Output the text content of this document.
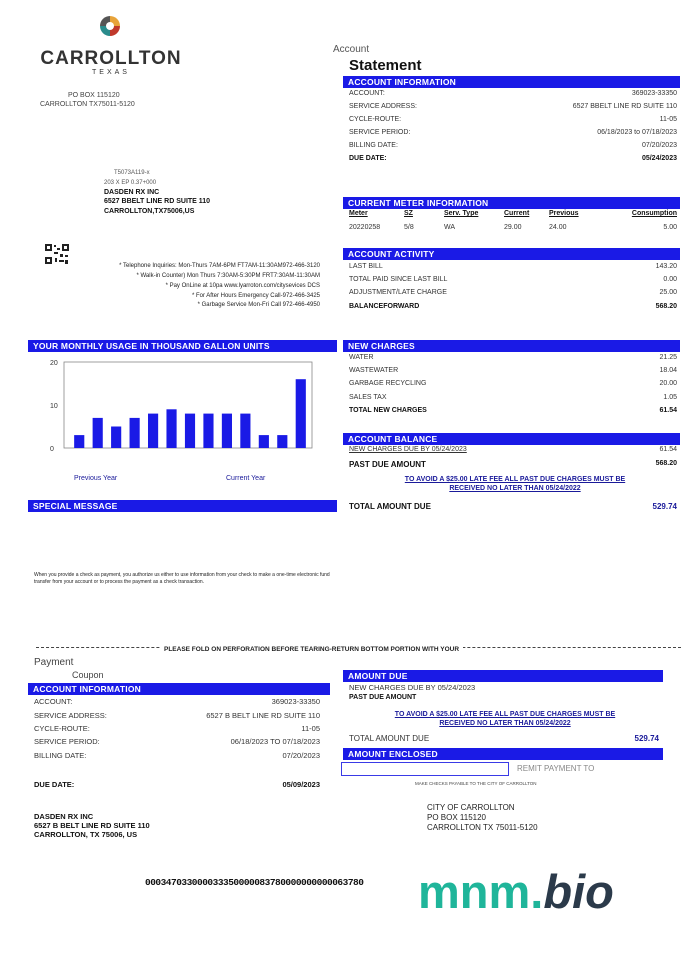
CARROLLTON
TEXAS
PO BOX 115120
CARROLLTON TX75011-5120
Account
Statement
ACCOUNT INFORMATION
ACCOUNT:	369023-33350
SERVICE ADDRESS:	6527 BBELT LINE RD SUITE 110
CYCLE-ROUTE:	11-05
SERVICE PERIOD:	06/18/2023 to 07/18/2023
BILLING DATE:	07/20/2023
DUE DATE:	05/24/2023
T5073A119-x
203 X EP 0.37+000
DASDEN RX INC
6527 BBELT LINE RD SUITE 110
CARROLLTON,TX75006,US
* Telephone Inquiries: Mon-Thurs 7AM-6PM FT7AM-11:30AM972-466-3120
* Walk-in Counter) Mon Thurs 7:30AM-5:30PM FRT7:30AM-11:30AM
* Pay OnLine at 10pa www.lyarroton.com/citysevices DCS
* For After Hours Emergency Call-972-466-3425
* Garbage Service Mon-Fri Call 972-466-4950
CURRENT METER INFORMATION
Meter	SZ	Serv. Type	Current	Previous	Consumption
20220258	5/8	WA	29.00	24.00	5.00
ACCOUNT ACTIVITY
LAST BILL	143.20
TOTAL PAID SINCE LAST BILL	0.00
ADJUSTMENT/LATE CHARGE	25.00
BALANCEFORWARD	568.20
NEW CHARGES
WATER	21.25
WASTEWATER	18.04
GARBAGE RECYCLING	20.00
SALES TAX	1.05
TOTAL NEW CHARGES	61.54
ACCOUNT BALANCE
NEW CHARGES DUE BY 05/24/2023	61.54
PAST DUE AMOUNT	568.20
TO AVOID A $25.00 LATE FEE ALL PAST DUE CHARGES MUST BE
RECEIVED NO LATER THAN 05/24/2022
TOTAL AMOUNT DUE	529.74
YOUR MONTHLY USAGE IN THOUSAND GALLON UNITS
0
10
20
Previous Year	Current Year
SPECIAL MESSAGE
When you provide a check as payment, you authorize us either to use information from your check to make a one-time electronic fund transfer from your account or to process the payment as a check transaction.
PLEASE FOLD ON PERFORATION BEFORE TEARING-RETURN BOTTOM PORTION WITH YOUR
Payment
Coupon
ACCOUNT INFORMATION
ACCOUNT:	369023-33350
SERVICE ADDRESS:	6527 B BELT LINE RD SUITE 110
CYCLE-ROUTE:	11-05
SERVICE PERIOD:	06/18/2023 TO 07/18/2023
BILLING DATE:	07/20/2023
DUE DATE:	05/09/2023
DASDEN RX INC
6527 B BELT LINE RD SUITE 110
CARROLLTON, TX 75006, US
AMOUNT DUE
NEW CHARGES DUE BY 05/24/2023
PAST DUE AMOUNT
TO AVOID A $25.00 LATE FEE ALL PAST DUE CHARGES MUST BE
RECEIVED NO LATER THAN 05/24/2022
TOTAL AMOUNT DUE	529.74
AMOUNT ENCLOSED
REMIT PAYMENT TO
MAKE CHECKS PAYABLE TO THE CITY OF CARROLLTON
CITY OF CARROLLTON
PO BOX 115120
CARROLLTON TX 75011-5120
000347033000033350000083780000000000063780 mnm.bio
